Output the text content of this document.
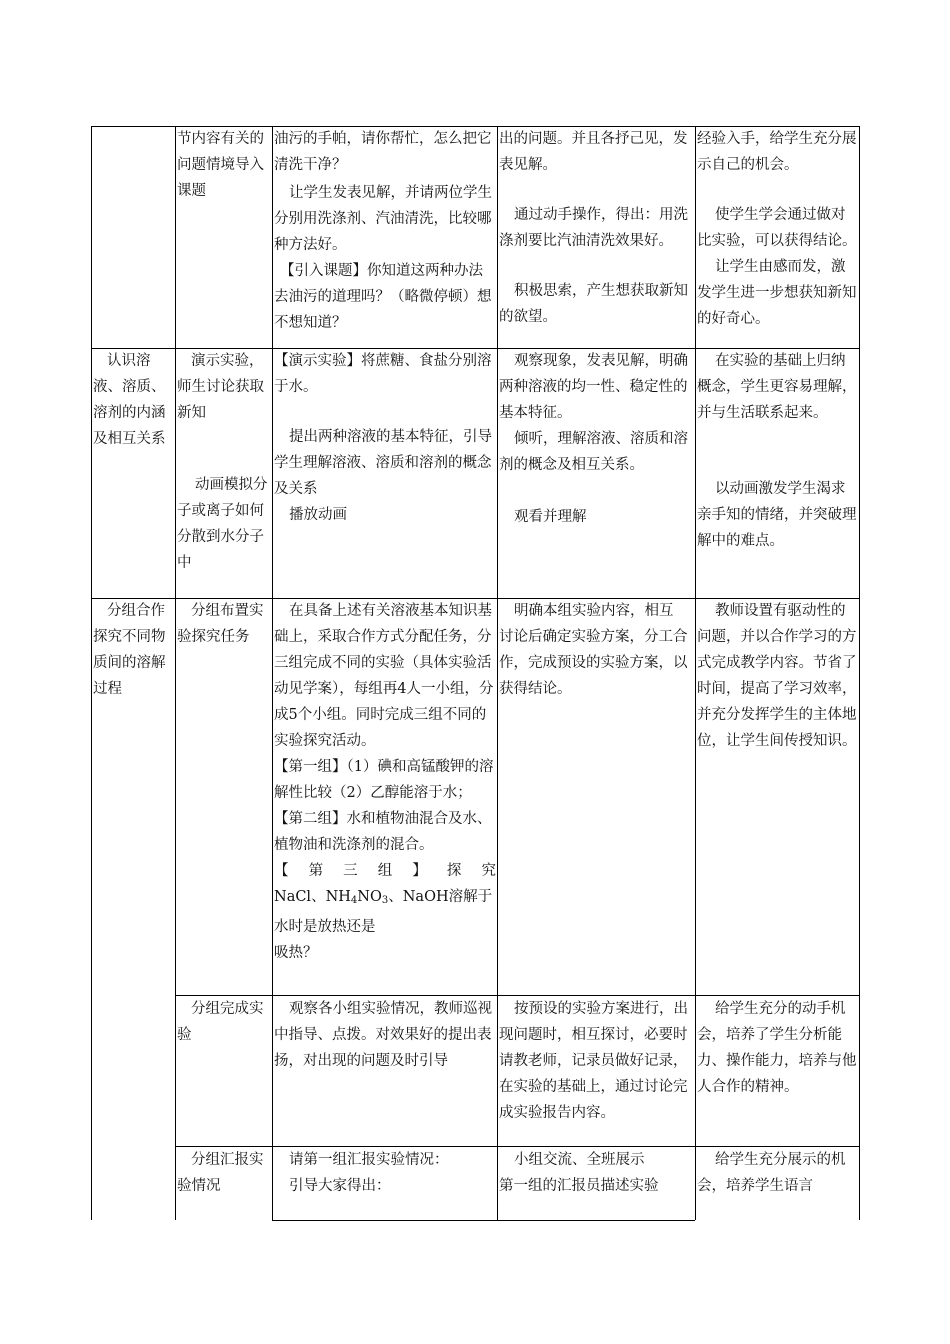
节内容有关的问题情境导入课题

油污的手帕，请你帮忙，怎么把它清洗干净？

让学生发表见解，并请两位学生分别用洗涤剂、汽油清洗，比较哪种方法好。

【引入课题】你知道这两种办法去油污的道理吗？（略微停顿）想不想知道？

出的问题。并且各抒己见，发表见解。

通过动手操作，得出：用洗涤剂要比汽油清洗效果好。

积极思索，产生想获取新知的欲望。

经验入手，给学生充分展示自己的机会。

使学生学会通过做对比实验，可以获得结论。

让学生由感而发，激发学生进一步想获知新知的好奇心。

认识溶液、溶质、溶剂的内涵及相互关系

演示实验，师生讨论获取新知

动画模拟分子或离子如何分散到水分子中

【演示实验】将蔗糖、食盐分别溶于水。

提出两种溶液的基本特征，引导学生理解溶液、溶质和溶剂的概念及关系

播放动画

观察现象，发表见解，明确两种溶液的均一性、稳定性的基本特征。

倾听，理解溶液、溶质和溶剂的概念及相互关系。

观看并理解

在实验的基础上归纳概念，学生更容易理解，并与生活联系起来。

以动画激发学生渴求亲手知的情绪，并突破理解中的难点。

分组合作探究不同物质间的溶解过程

分组布置实验探究任务

在具备上述有关溶液基本知识基础上，采取合作方式分配任务，分三组完成不同的实验（具体实验活动见学案），每组再4人一小组，分成5个小组。同时完成三组不同的实验探究活动。

【第一组】（1）碘和高锰酸钾的溶解性比较（2）乙醇能溶于水；

【第二组】水和植物油混合及水、植物油和洗涤剂的混合。

【第三组】探究

NaCl、$NH_4NO_3$、NaOH溶解于水时是放热还是

吸热？

明确本组实验内容，相互

讨论后确定实验方案，分工合作，完成预设的实验方案，以获得结论。

教师设置有驱动性的问题，并以合作学习的方式完成教学内容。节省了时间，提高了学习效率，并充分发挥学生的主体地位，让学生间传授知识。

分组完成实验

观察各小组实验情况，教师巡视中指导、点拨。对效果好的提出表扬，对出现的问题及时引导

按预设的实验方案进行，出现问题时，相互探讨，必要时请教老师，记录员做好记录，在实验的基础上，通过讨论完成实验报告内容。

给学生充分的动手机会，培养了学生分析能力、操作能力，培养与他人合作的精神。

分组汇报实验情况

请第一组汇报实验情况：

引导大家得出：

小组交流、全班展示

第一组的汇报员描述实验

给学生充分展示的机会，培养学生语言
